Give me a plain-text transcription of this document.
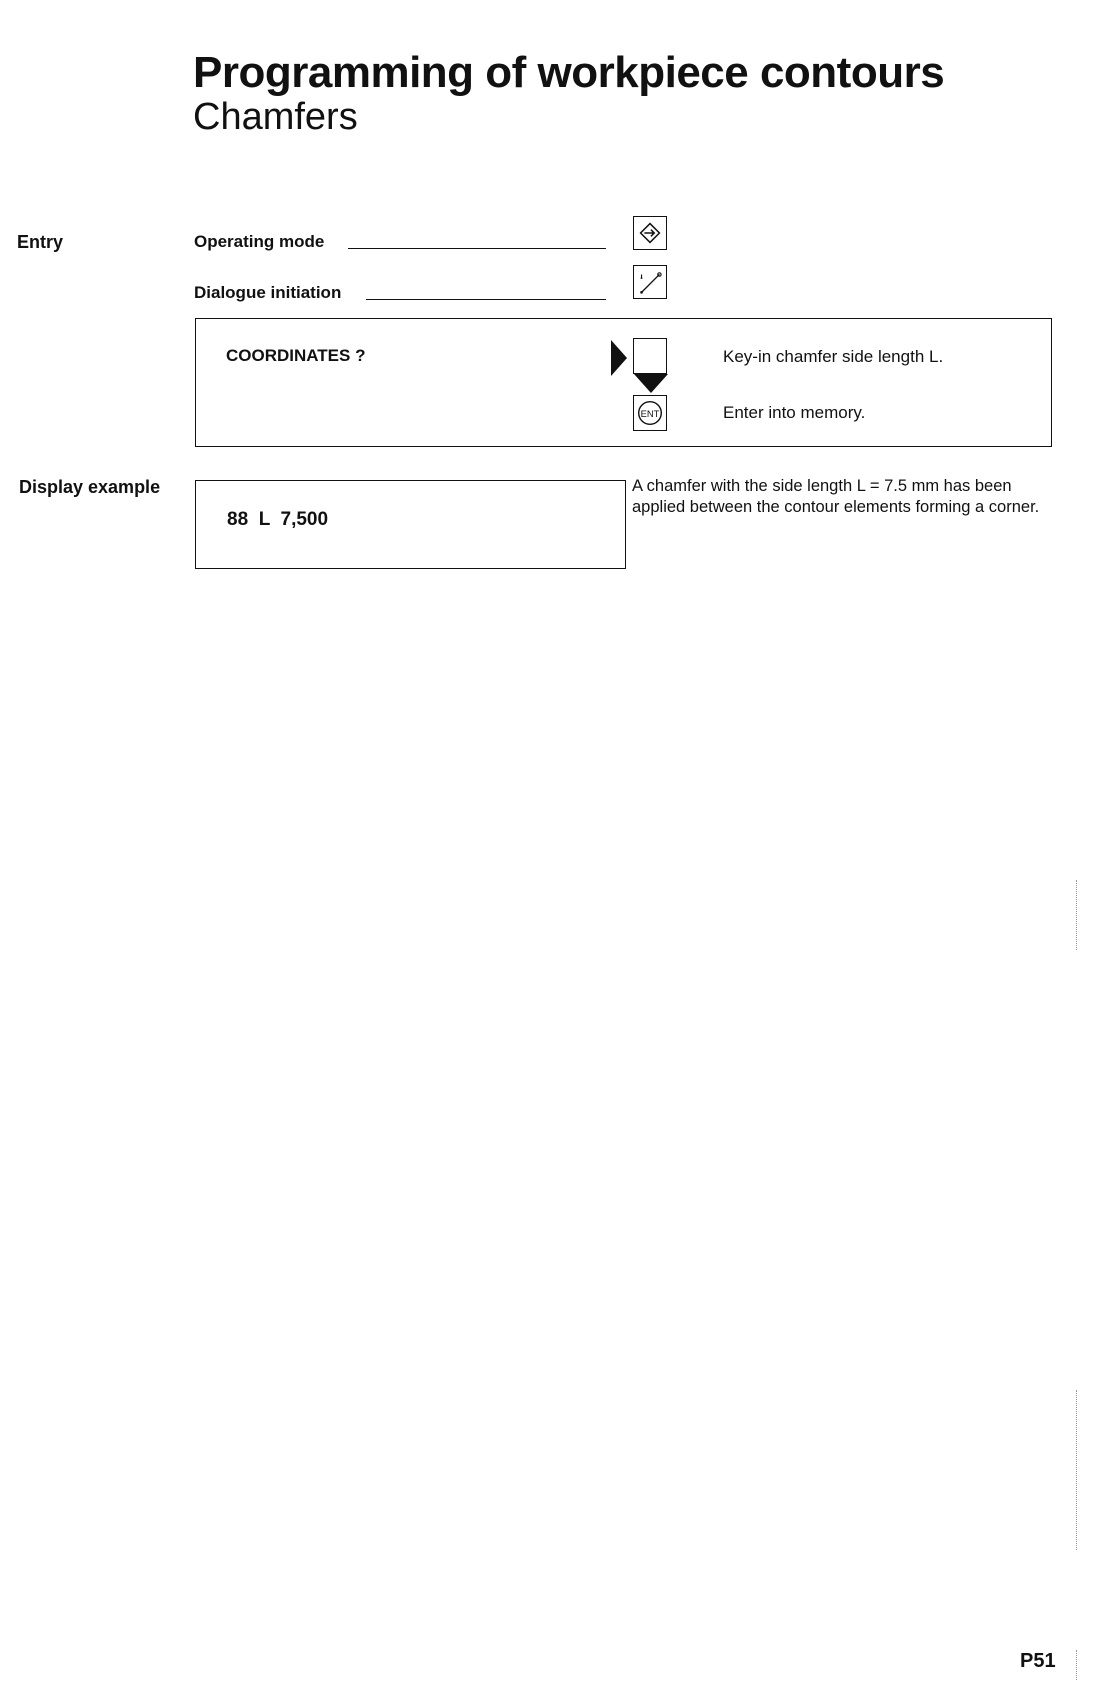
Programming of workpiece contours
Chamfers
Entry	Operating mode
Dialogue initiation
COORDINATES ?	Key-in chamfer side length L.
ENT	Enter into memory.
Display example
88  L  7,500
A chamfer with the side length L = 7.5 mm has been applied between the contour elements forming a corner.
P51
